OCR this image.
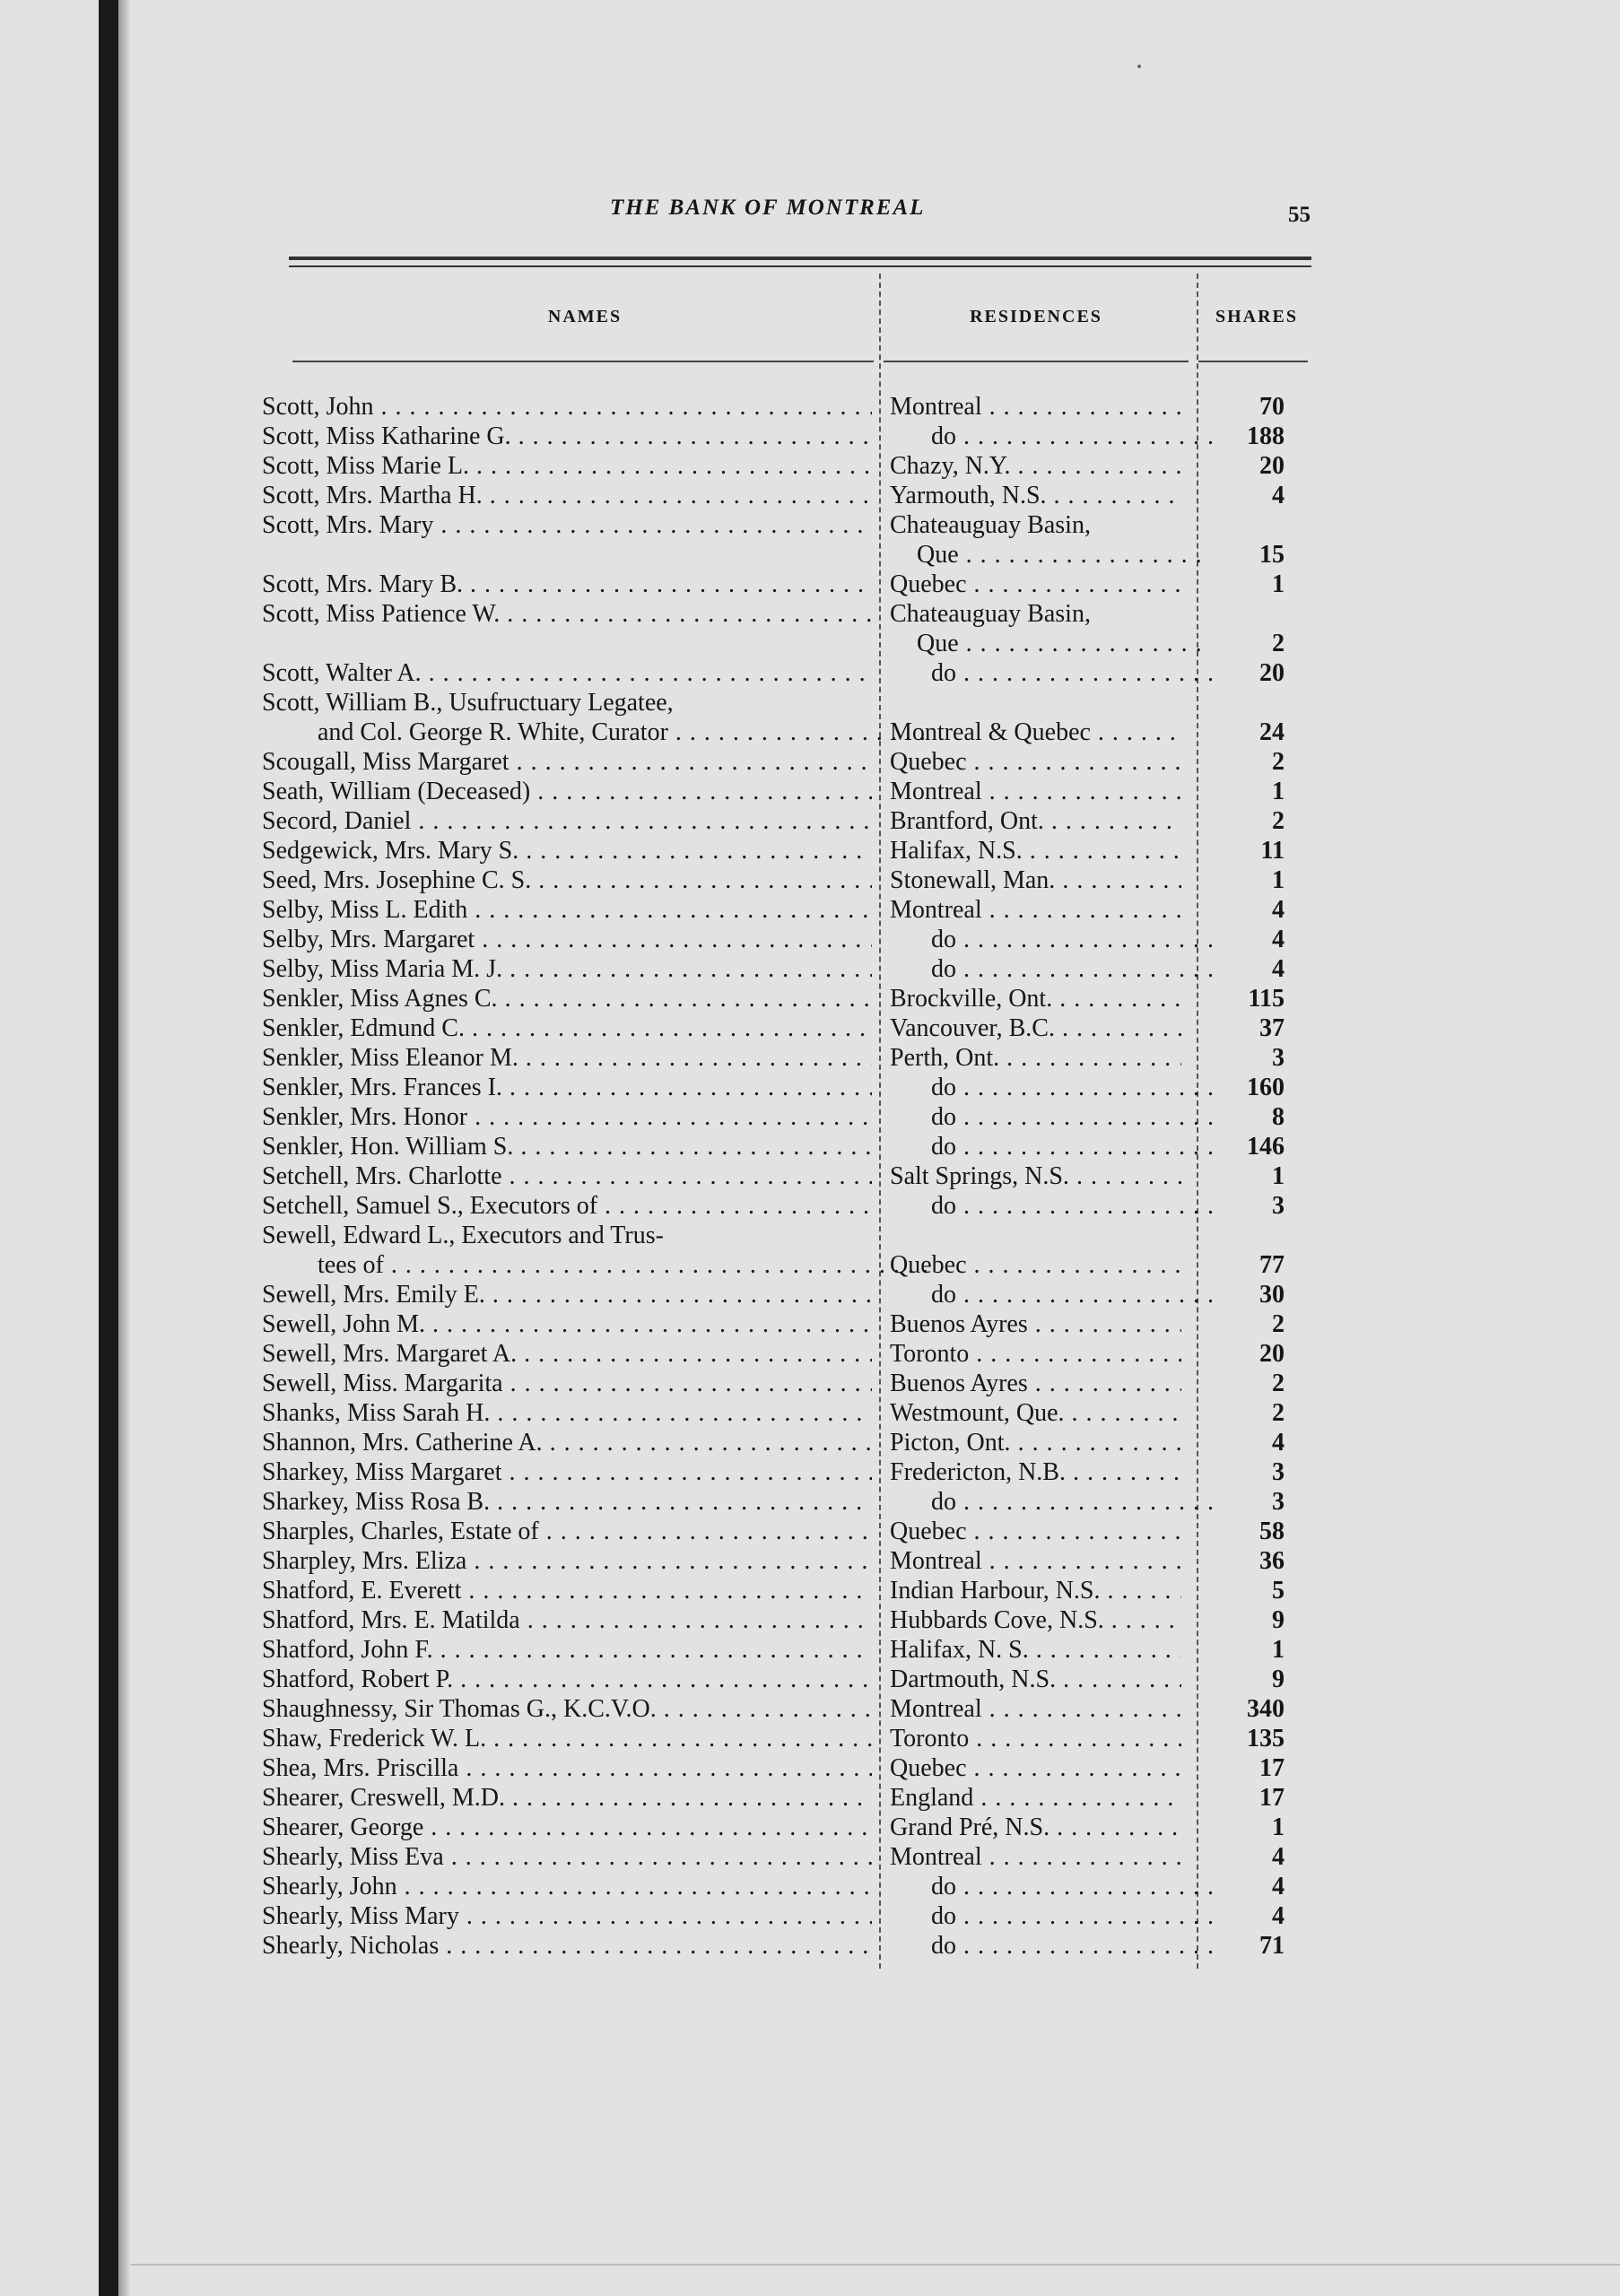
THE BANK OF MONTREAL	55
NAMES	RESIDENCES	SHARES
Scott, John . . .	Montreal . . .	70
Scott, Miss Katharine G. . . .	do . . .	188
Scott, Miss Marie L. . . .	Chazy, N.Y. . . .	20
Scott, Mrs. Martha H. . . .	Yarmouth, N.S. . . .	4
Scott, Mrs. Mary . . .	Chateauguay Basin,
Que . . .	15
Scott, Mrs. Mary B. . . .	Quebec . . .	1
Scott, Miss Patience W. . . .	Chateauguay Basin,
Que . . .	2
Scott, Walter A. . . .	do . . .	20
Scott, William B., Usufructuary Legatee,
and Col. George R. White, Curator . . .	Montreal & Quebec . . .	24
Scougall, Miss Margaret . . .	Quebec . . .	2
Seath, William (Deceased) . . .	Montreal . . .	1
Secord, Daniel . . .	Brantford, Ont. . . .	2
Sedgewick, Mrs. Mary S. . . .	Halifax, N.S. . . .	11
Seed, Mrs. Josephine C. S. . . .	Stonewall, Man. . . .	1
Selby, Miss L. Edith . . .	Montreal . . .	4
Selby, Mrs. Margaret . . .	do . . .	4
Selby, Miss Maria M. J. . . .	do . . .	4
Senkler, Miss Agnes C. . . .	Brockville, Ont. . . .	115
Senkler, Edmund C. . . .	Vancouver, B.C. . . .	37
Senkler, Miss Eleanor M. . . .	Perth, Ont. . . .	3
Senkler, Mrs. Frances I. . . .	do . . .	160
Senkler, Mrs. Honor . . .	do . . .	8
Senkler, Hon. William S. . . .	do . . .	146
Setchell, Mrs. Charlotte . . .	Salt Springs, N.S. . . .	1
Setchell, Samuel S., Executors of . . .	do . . .	3
Sewell, Edward L., Executors and Trus-
tees of . . .	Quebec . . .	77
Sewell, Mrs. Emily E. . . .	do . . .	30
Sewell, John M. . . .	Buenos Ayres . . .	2
Sewell, Mrs. Margaret A. . . .	Toronto . . .	20
Sewell, Miss. Margarita . . .	Buenos Ayres . . .	2
Shanks, Miss Sarah H. . . .	Westmount, Que. . . .	2
Shannon, Mrs. Catherine A. . . .	Picton, Ont. . . .	4
Sharkey, Miss Margaret . . .	Fredericton, N.B. . . .	3
Sharkey, Miss Rosa B. . . .	do . . .	3
Sharples, Charles, Estate of . . .	Quebec . . .	58
Sharpley, Mrs. Eliza . . .	Montreal . . .	36
Shatford, E. Everett . . .	Indian Harbour, N.S. . . .	5
Shatford, Mrs. E. Matilda . . .	Hubbards Cove, N.S. . . .	9
Shatford, John F. . . .	Halifax, N. S. . . .	1
Shatford, Robert P. . . .	Dartmouth, N.S. . . .	9
Shaughnessy, Sir Thomas G., K.C.V.O. . . .	Montreal . . .	340
Shaw, Frederick W. L. . . .	Toronto . . .	135
Shea, Mrs. Priscilla . . .	Quebec . . .	17
Shearer, Creswell, M.D. . . .	England . . .	17
Shearer, George . . .	Grand Pré, N.S. . . .	1
Shearly, Miss Eva . . .	Montreal . . .	4
Shearly, John . . .	do . . .	4
Shearly, Miss Mary . . .	do . . .	4
Shearly, Nicholas . . .	do . . .	71
